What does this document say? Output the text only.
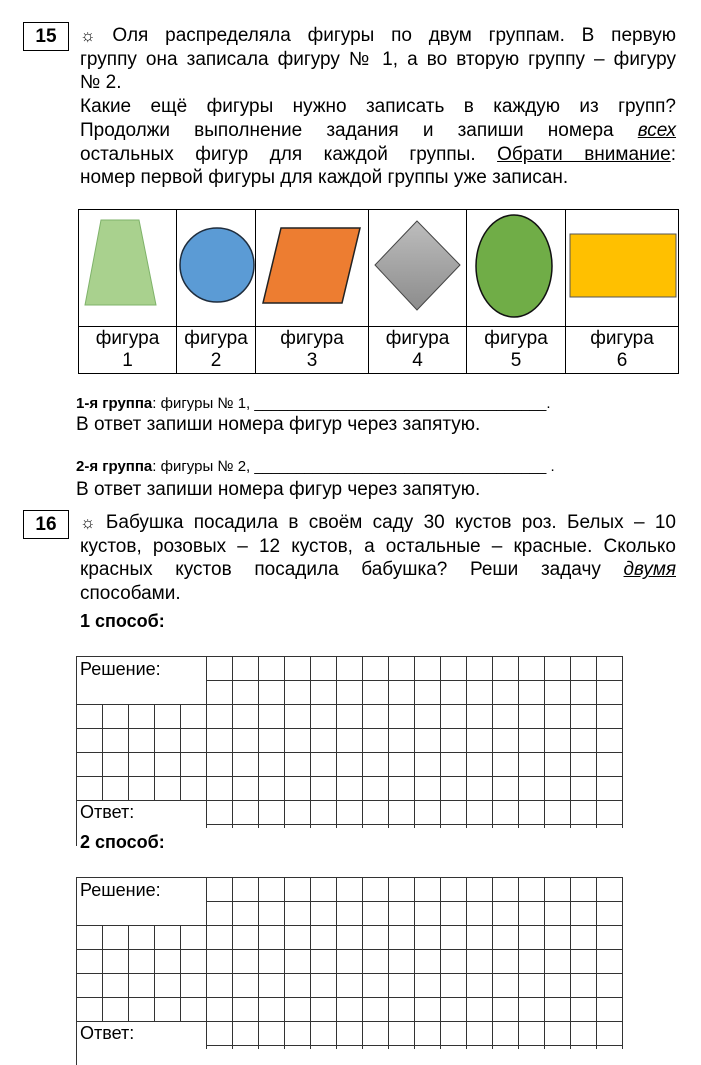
15	☼ Оля распределяла фигуры по двум группам. В первую
группу она записала фигуру № 1, а во вторую группу – фигуру
№ 2.
Какие ещё фигуры нужно записать в каждую из групп?
Продолжи выполнение задания и запиши номера всех
остальных фигур для каждой группы. Обрати внимание:
номер первой фигуры для каждой группы уже записан.

фигура
1	фигура
2	фигура
3	фигура
4	фигура
5	фигура
6
1-я группа: фигуры № 1, ___________________________________.
В ответ запиши номера фигур через запятую.
2-я группа: фигуры № 2, ___________________________________ .
В ответ запиши номера фигур через запятую.
16	☼ Бабушка посадила в своём саду 30 кустов роз. Белых – 10
кустов, розовых – 12 кустов, а остальные – красные. Сколько
красных кустов посадила бабушка? Реши задачу двумя
способами.
1 способ:
Решение:
Ответ:
2 способ:
Решение:
Ответ:
